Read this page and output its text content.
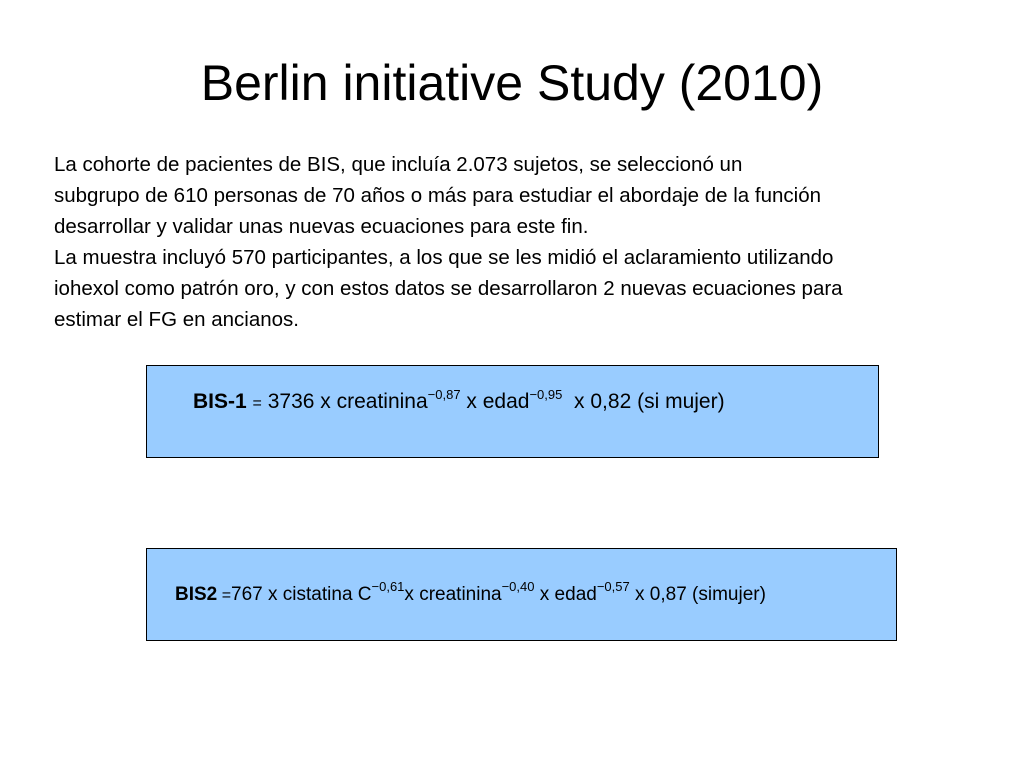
Berlin initiative Study (2010)
La cohorte de pacientes de BIS, que incluía 2.073 sujetos, se seleccionó un
subgrupo de 610 personas de 70 años o más para estudiar el abordaje de la función
desarrollar y validar unas nuevas ecuaciones para este fin.
La muestra incluyó 570 participantes, a los que se les midió el aclaramiento utilizando
iohexol como patrón oro, y con estos datos se desarrollaron 2 nuevas ecuaciones para
estimar el FG en ancianos.
BIS-1 = 3736 x creatinina$^{-0,87}$ x edad$^{-0,95}$  x 0,82 (si mujer)
BIS2 =767 x cistatina $C^{-0,61}x$ creatinina$^{-0,40}$ x edad$^{-0,57}$ x 0,87 (simujer)
